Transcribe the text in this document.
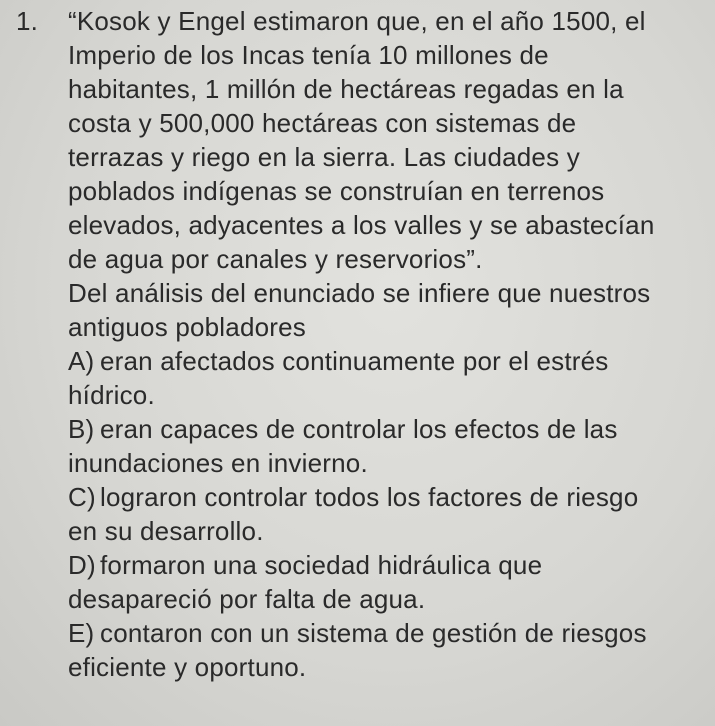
1. “Kosok y Engel estimaron que, en el año 1500, el
Imperio de los Incas tenía 10 millones de
habitantes, 1 millón de hectáreas regadas en la
costa y 500,000 hectáreas con sistemas de
terrazas y riego en la sierra. Las ciudades y
poblados indígenas se construían en terrenos
elevados, adyacentes a los valles y se abastecían
de agua por canales y reservorios”.
Del análisis del enunciado se infiere que nuestros
antiguos pobladores
A) eran afectados continuamente por el estrés
hídrico.
B) eran capaces de controlar los efectos de las
inundaciones en invierno.
C) lograron controlar todos los factores de riesgo
en su desarrollo.
D) formaron una sociedad hidráulica que
desapareció por falta de agua.
E) contaron con un sistema de gestión de riesgos
eficiente y oportuno.
